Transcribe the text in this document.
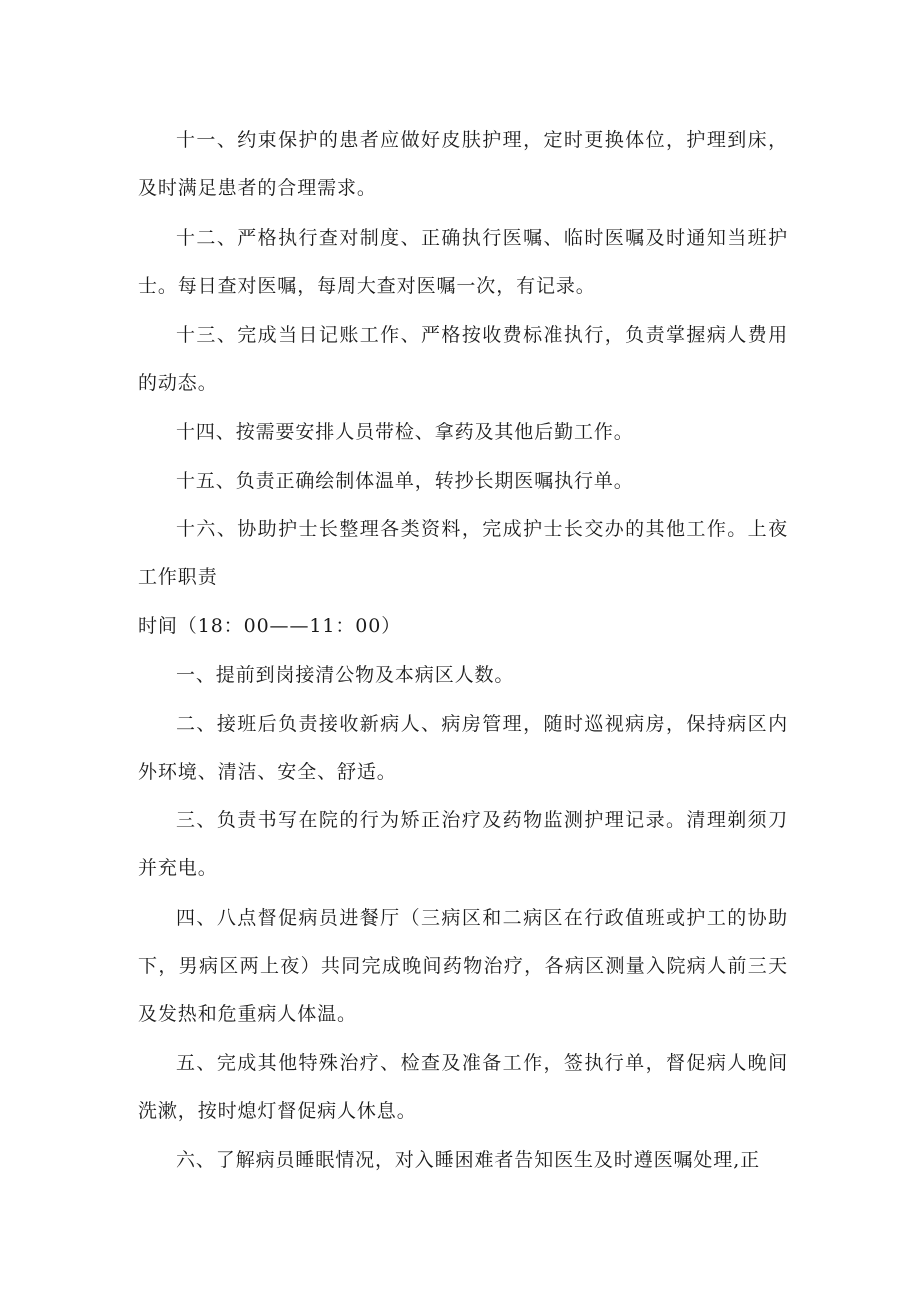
十一、约束保护的患者应做好皮肤护理，定时更换体位，护理到床，及时满足患者的合理需求。

十二、严格执行查对制度、正确执行医嘱、临时医嘱及时通知当班护士。每日查对医嘱，每周大查对医嘱一次，有记录。

十三、完成当日记账工作、严格按收费标准执行，负责掌握病人费用的动态。

十四、按需要安排人员带检、拿药及其他后勤工作。

十五、负责正确绘制体温单，转抄长期医嘱执行单。

十六、协助护士长整理各类资料，完成护士长交办的其他工作。上夜工作职责

时间（18：00——11：00）

一、提前到岗接清公物及本病区人数。

二、接班后负责接收新病人、病房管理，随时巡视病房，保持病区内外环境、清洁、安全、舒适。

三、负责书写在院的行为矫正治疗及药物监测护理记录。清理剃须刀并充电。

四、八点督促病员进餐厅（三病区和二病区在行政值班或护工的协助下，男病区两上夜）共同完成晚间药物治疗，各病区测量入院病人前三天及发热和危重病人体温。

五、完成其他特殊治疗、检查及准备工作，签执行单，督促病人晚间洗漱，按时熄灯督促病人休息。

六、了解病员睡眠情况，对入睡困难者告知医生及时遵医嘱处理,正
